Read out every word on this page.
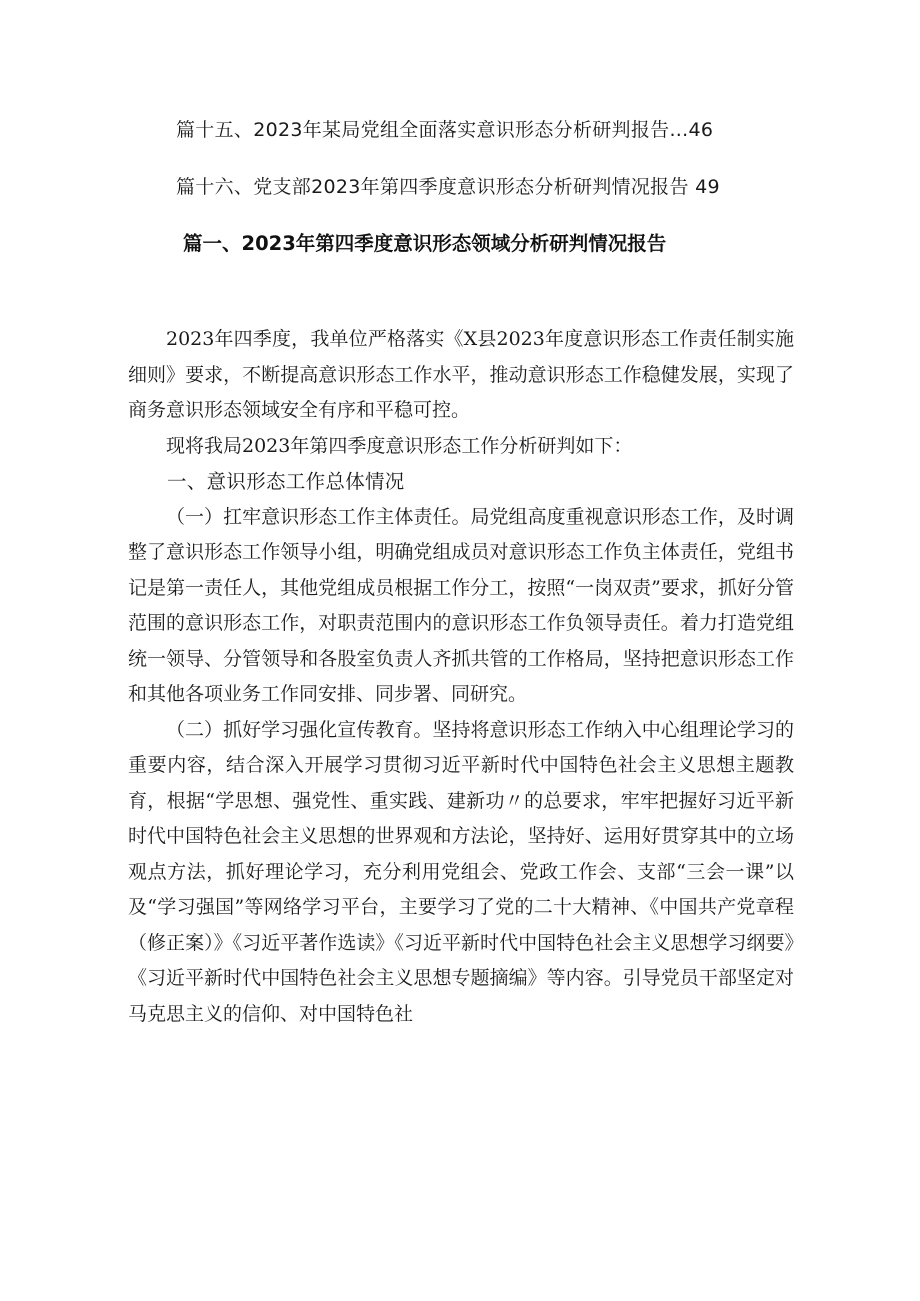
篇十五、2023年某局党组全面落实意识形态分析研判报告...46
篇十六、党支部2023年第四季度意识形态分析研判情况报告 49
篇一、2023年第四季度意识形态领域分析研判情况报告

2023年四季度，我单位严格落实《X县2023年度意识形态工作责任制实施细则》要求，不断提高意识形态工作水平，推动意识形态工作稳健发展，实现了商务意识形态领域安全有序和平稳可控。

现将我局2023年第四季度意识形态工作分析研判如下：

一、意识形态工作总体情况

（一）扛牢意识形态工作主体责任。局党组高度重视意识形态工作，及时调整了意识形态工作领导小组，明确党组成员对意识形态工作负主体责任，党组书记是第一责任人，其他党组成员根据工作分工，按照“一岗双责”要求，抓好分管范围的意识形态工作，对职责范围内的意识形态工作负领导责任。着力打造党组统一领导、分管领导和各股室负责人齐抓共管的工作格局，坚持把意识形态工作和其他各项业务工作同安排、同步署、同研究。

（二）抓好学习强化宣传教育。坚持将意识形态工作纳入中心组理论学习的重要内容，结合深入开展学习贯彻习近平新时代中国特色社会主义思想主题教育，根据“学思想、强党性、重实践、建新功〃的总要求，牢牢把握好习近平新时代中国特色社会主义思想的世界观和方法论，坚持好、运用好贯穿其中的立场观点方法，抓好理论学习，充分利用党组会、党政工作会、支部“三会一课”以及“学习强国”等网络学习平台，主要学习了党的二十大精神、《中国共产党章程（修正案）》《习近平著作选读》《习近平新时代中国特色社会主义思想学习纲要》《习近平新时代中国特色社会主义思想专题摘编》等内容。引导党员干部坚定对马克思主义的信仰、对中国特色社
